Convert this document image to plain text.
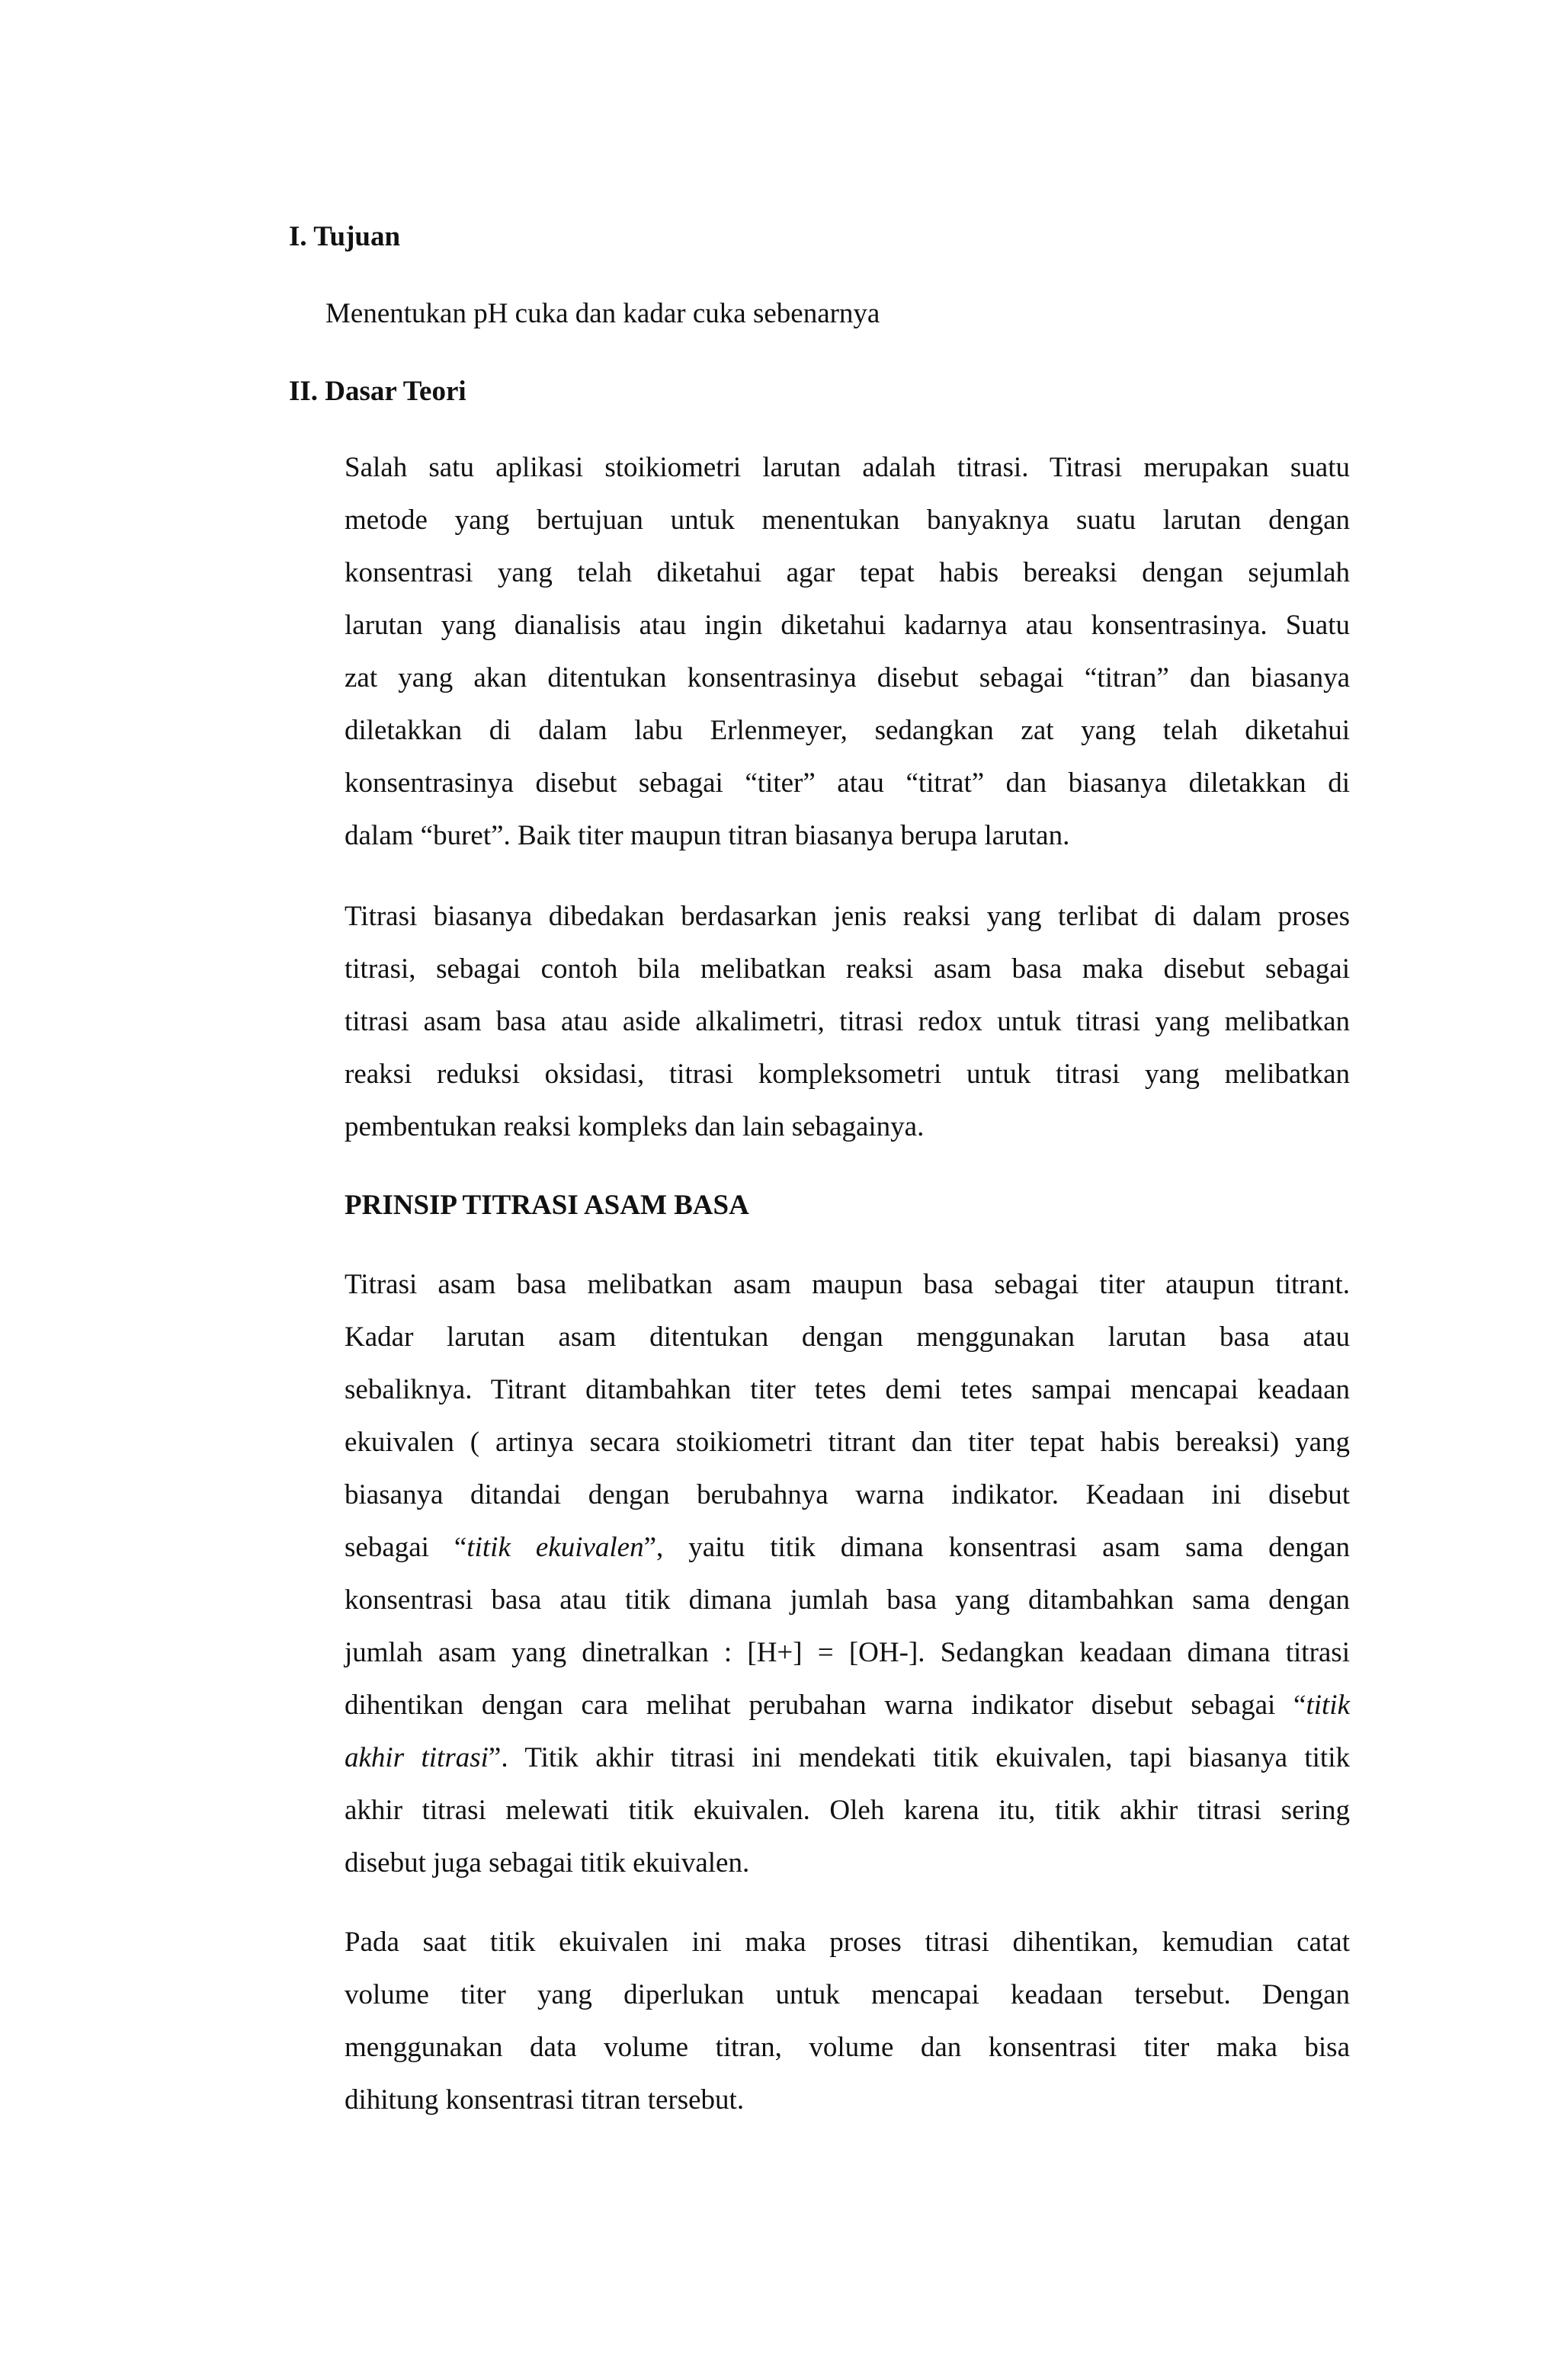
I. Tujuan

Menentukan pH cuka dan kadar cuka sebenarnya

II. Dasar Teori
Salah satu aplikasi stoikiometri larutan adalah titrasi. Titrasi merupakan suatu
metode yang bertujuan untuk menentukan banyaknya suatu larutan dengan
konsentrasi yang telah diketahui agar tepat habis bereaksi dengan sejumlah
larutan yang dianalisis atau ingin diketahui kadarnya atau konsentrasinya. Suatu
zat yang akan ditentukan konsentrasinya disebut sebagai “titran” dan biasanya
diletakkan di dalam labu Erlenmeyer, sedangkan zat yang telah diketahui
konsentrasinya disebut sebagai “titer” atau “titrat” dan biasanya diletakkan di
dalam “buret”. Baik titer maupun titran biasanya berupa larutan.
Titrasi biasanya dibedakan berdasarkan jenis reaksi yang terlibat di dalam proses
titrasi, sebagai contoh bila melibatkan reaksi asam basa maka disebut sebagai
titrasi asam basa atau aside alkalimetri, titrasi redox untuk titrasi yang melibatkan
reaksi reduksi oksidasi, titrasi kompleksometri untuk titrasi yang melibatkan
pembentukan reaksi kompleks dan lain sebagainya.
PRINSIP TITRASI ASAM BASA
Titrasi asam basa melibatkan asam maupun basa sebagai titer ataupun titrant.
Kadar larutan asam ditentukan dengan menggunakan larutan basa atau
sebaliknya. Titrant ditambahkan titer tetes demi tetes sampai mencapai keadaan
ekuivalen ( artinya secara stoikiometri titrant dan titer tepat habis bereaksi) yang
biasanya ditandai dengan berubahnya warna indikator. Keadaan ini disebut
sebagai “titik ekuivalen”, yaitu titik dimana konsentrasi asam sama dengan
konsentrasi basa atau titik dimana jumlah basa yang ditambahkan sama dengan
jumlah asam yang dinetralkan : [H+] = [OH-]. Sedangkan keadaan dimana titrasi
dihentikan dengan cara melihat perubahan warna indikator disebut sebagai “titik
akhir titrasi”. Titik akhir titrasi ini mendekati titik ekuivalen, tapi biasanya titik
akhir titrasi melewati titik ekuivalen. Oleh karena itu, titik akhir titrasi sering
disebut juga sebagai titik ekuivalen.
Pada saat titik ekuivalen ini maka proses titrasi dihentikan, kemudian catat
volume titer yang diperlukan untuk mencapai keadaan tersebut. Dengan
menggunakan data volume titran, volume dan konsentrasi titer maka bisa
dihitung konsentrasi titran tersebut.
